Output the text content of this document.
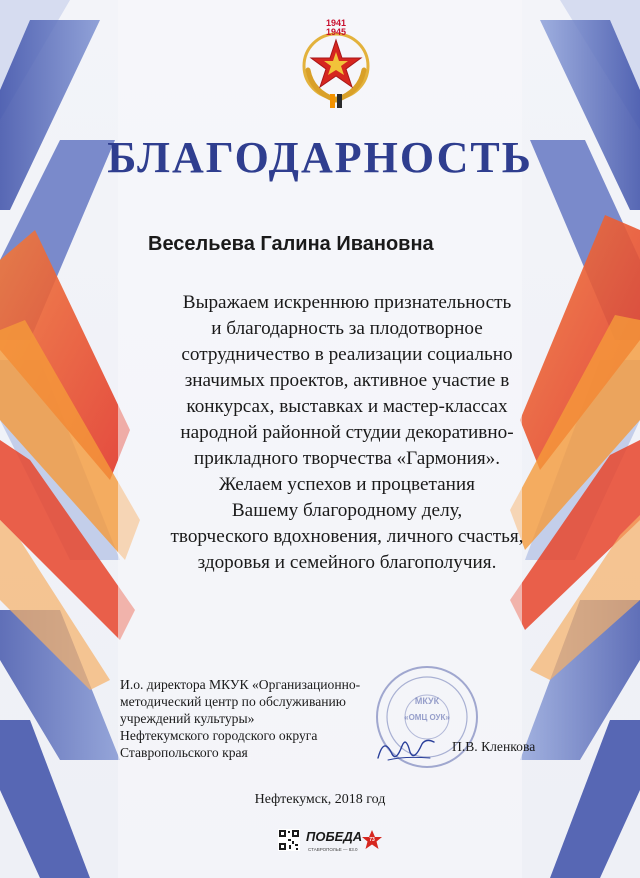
1941
1945
БЛАГОДАРНОСТЬ
Весельева Галина Ивановна

Выражаем искреннюю признательность
и благодарность за плодотворное
сотрудничество в реализации социально
значимых проектов, активное участие в
конкурсах, выставках и мастер-классах
народной районной студии декоративно-
прикладного творчества «Гармония».
Желаем успехов и процветания
Вашему благородному делу,
творческого вдохновения, личного счастья,
здоровья и семейного благополучия.

МКУК
«ОМЦ ОУК»
И.о. директора МКУК «Организационно-
методический центр по обслуживанию
учреждений культуры»
Нефтекумского городского округа
Ставропольского края	П.В. Кленкова
Нефтекумск, 2018 год
ПОБЕДА
СТАВРОПОЛЬЕ — 83.0
73
